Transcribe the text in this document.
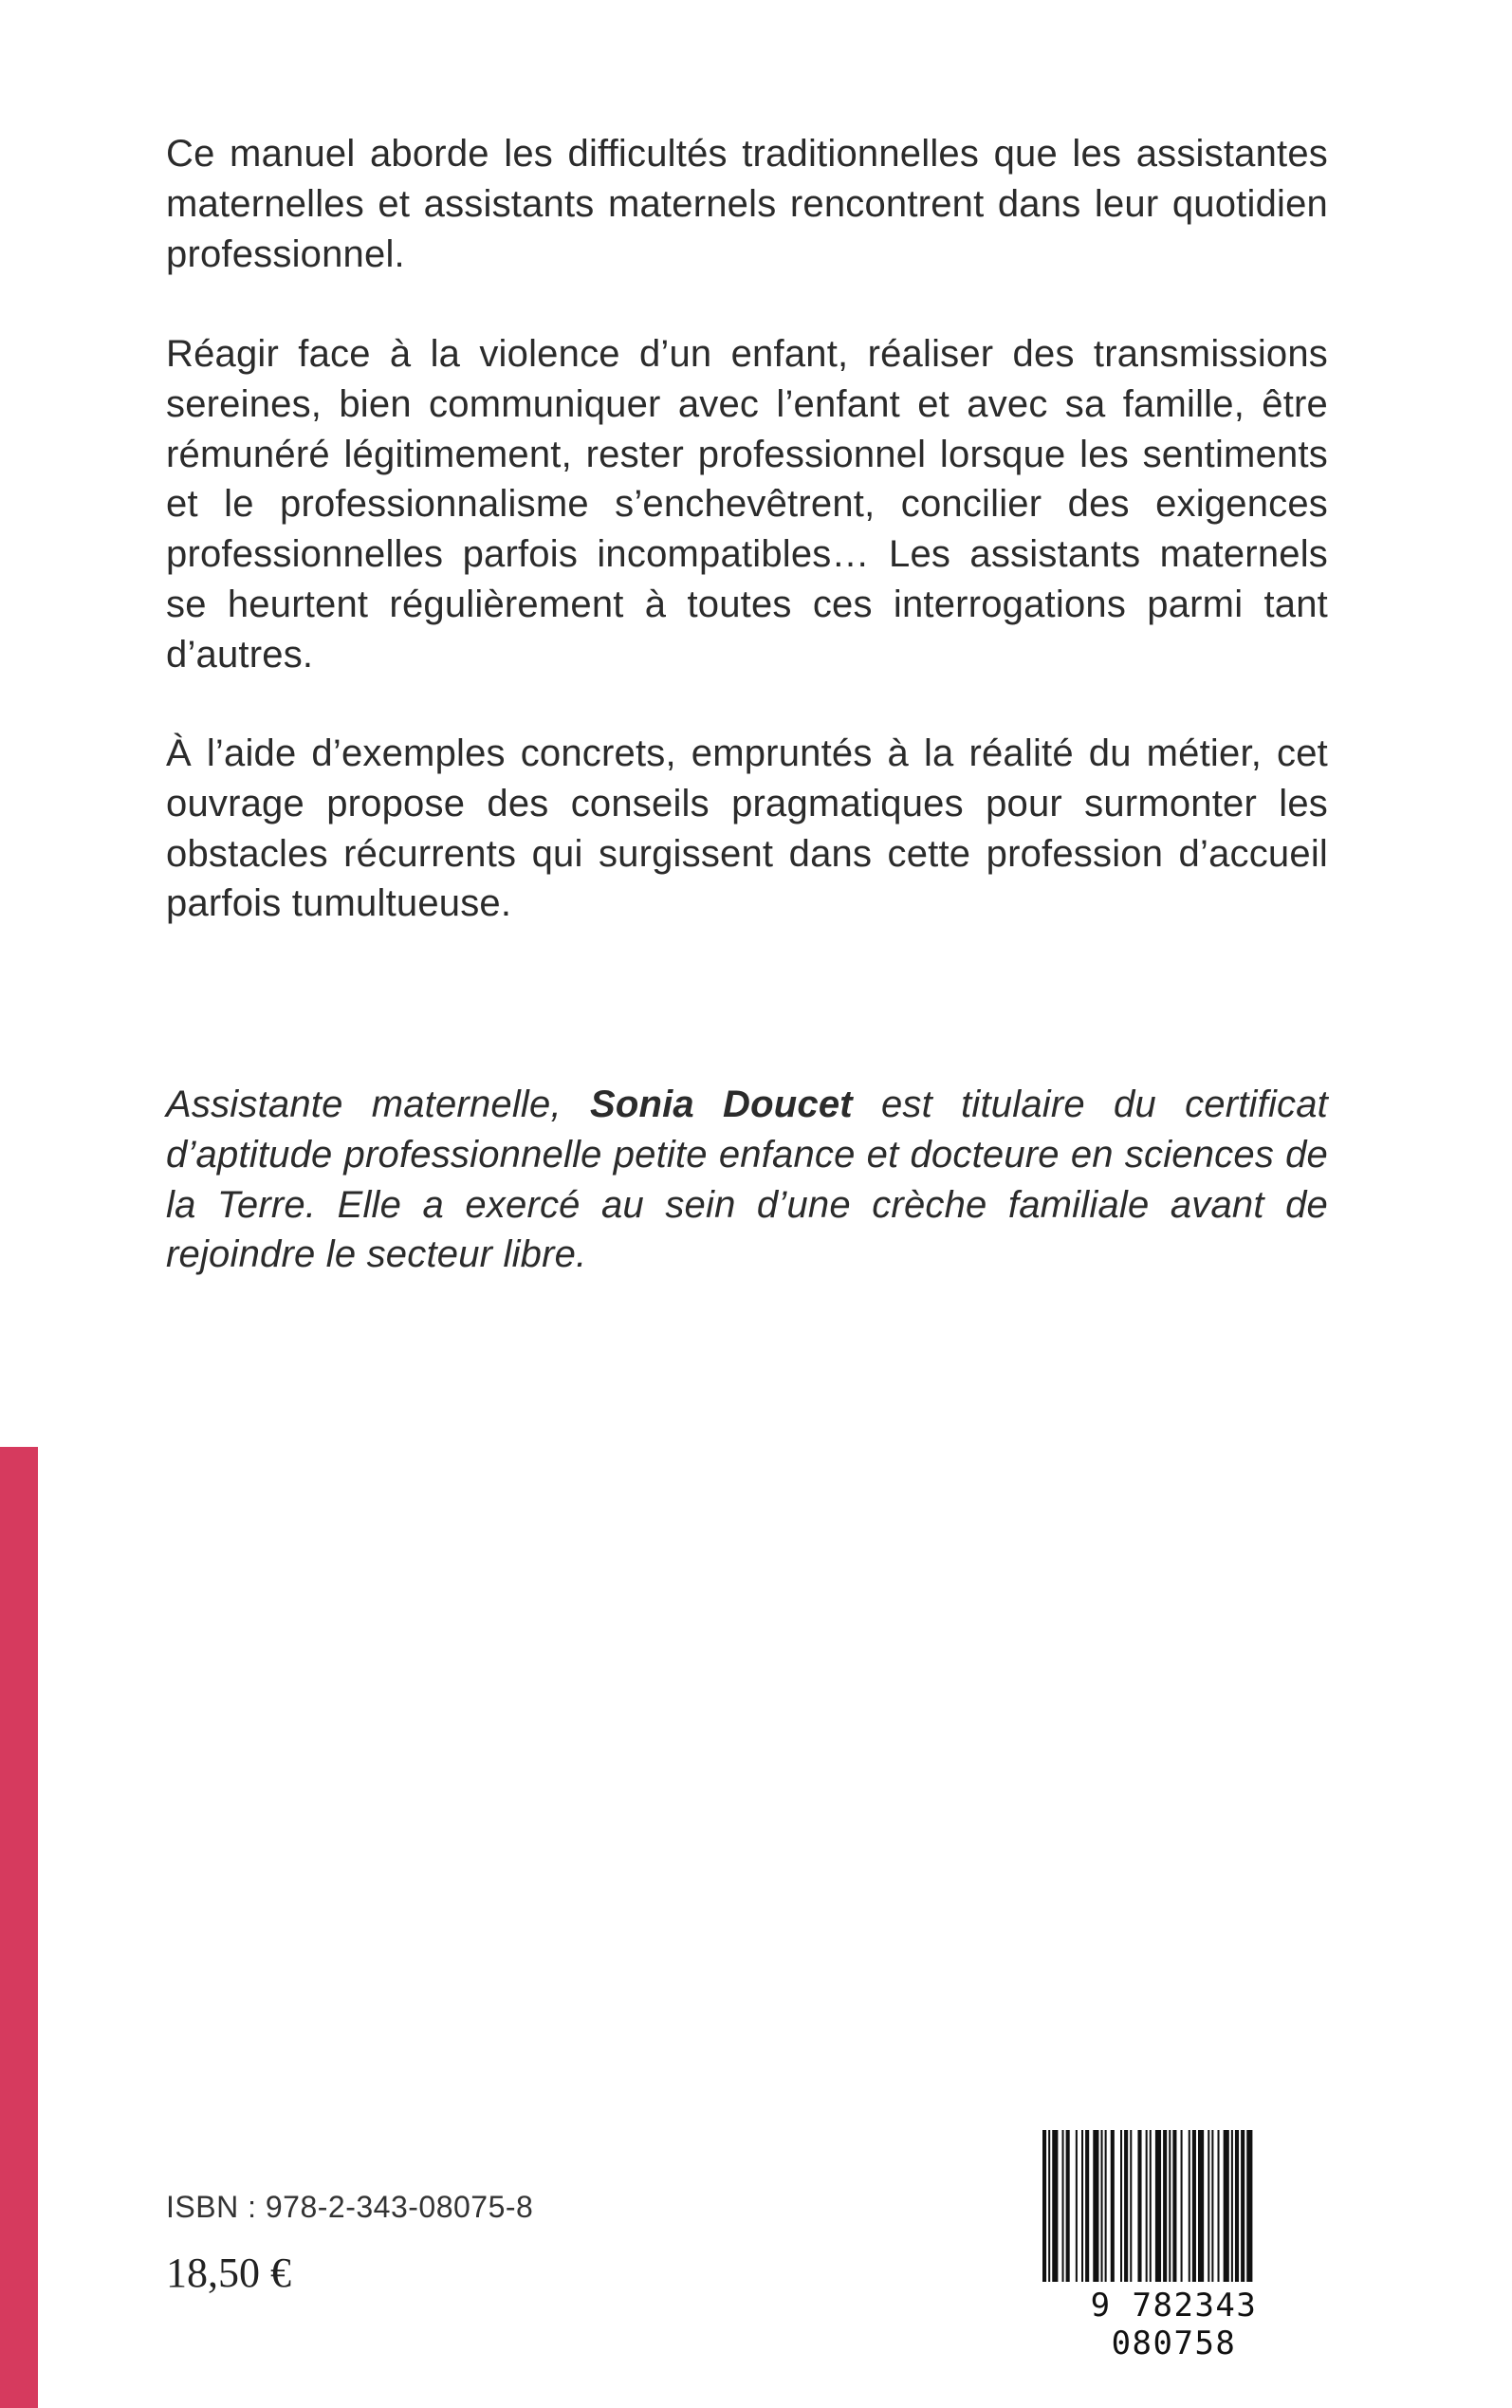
Ce manuel aborde les difficultés traditionnelles que les assistantes maternelles et assistants maternels rencontrent dans leur quotidien professionnel.

Réagir face à la violence d’un enfant, réaliser des transmissions sereines, bien communiquer avec l’enfant et avec sa famille, être rémunéré légitimement, rester professionnel lorsque les sentiments et le professionnalisme s’enchevêtrent, concilier des exigences professionnelles parfois incompatibles… Les assistants maternels se heurtent régulièrement à toutes ces interrogations parmi tant d’autres.

À l’aide d’exemples concrets, empruntés à la réalité du métier, cet ouvrage propose des conseils pragmatiques pour surmonter les obstacles récurrents qui surgissent dans cette profession d’accueil parfois tumultueuse.

Assistante maternelle, Sonia Doucet est titulaire du certificat d’aptitude professionnelle petite enfance et docteure en sciences de la Terre. Elle a exercé au sein d’une crèche familiale avant de rejoindre le secteur libre.

ISBN : 978-2-343-08075-8
18,50 €
9 782343 080758
